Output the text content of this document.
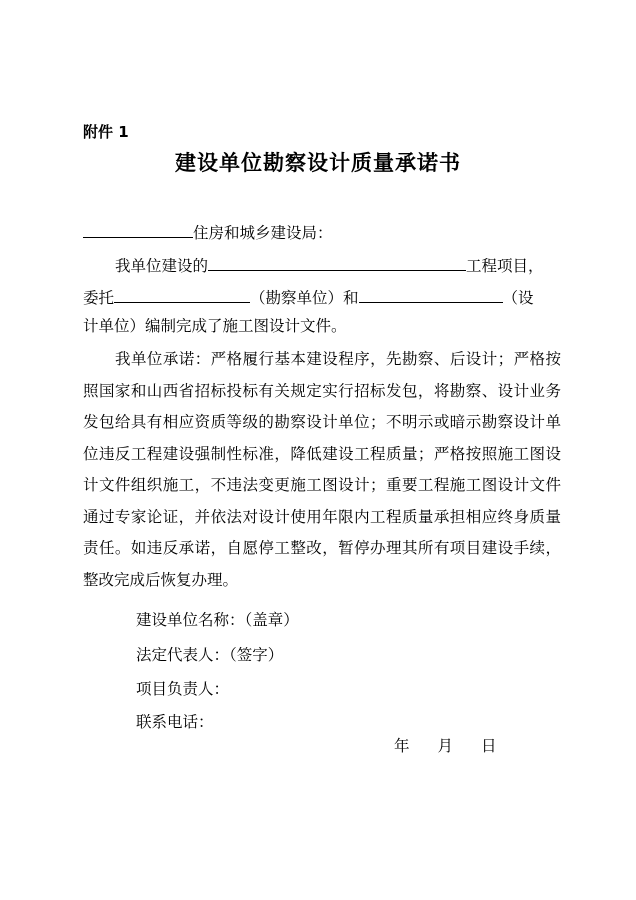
附件 1
建设单位勘察设计质量承诺书
住房和城乡建设局：
我单位建设的	工程项目，
委托	（勘察单位）和	（设
计单位）编制完成了施工图设计文件。
我单位承诺：严格履行基本建设程序，先勘察、后设计；严格按照国家和山西省招标投标有关规定实行招标发包，将勘察、设计业务发包给具有相应资质等级的勘察设计单位；不明示或暗示勘察设计单位违反工程建设强制性标准，降低建设工程质量；严格按照施工图设计文件组织施工，不违法变更施工图设计；重要工程施工图设计文件通过专家论证，并依法对设计使用年限内工程质量承担相应终身质量责任。如违反承诺，自愿停工整改，暂停办理其所有项目建设手续，整改完成后恢复办理。
建设单位名称：（盖章）
法定代表人：（签字）
项目负责人：
联系电话：
年 月 日
